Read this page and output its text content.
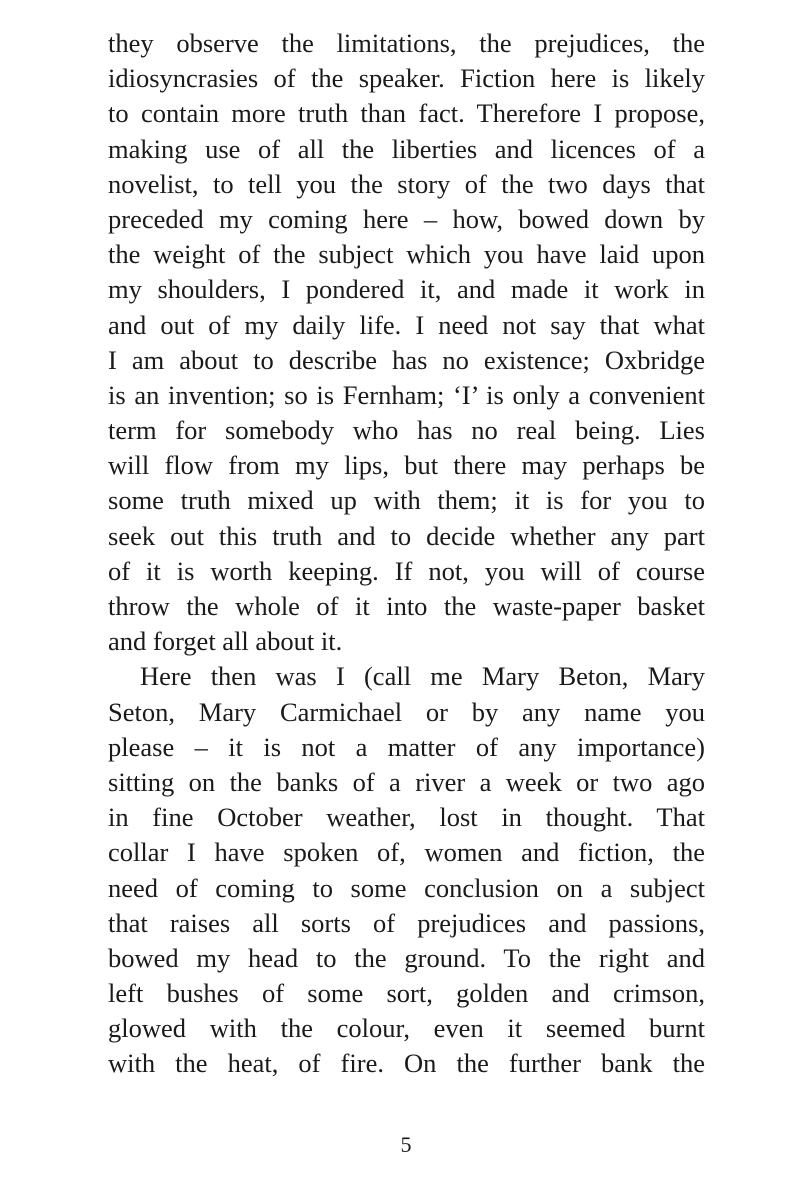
they observe the limitations, the prejudices, the
idiosyncrasies of the speaker. Fiction here is likely
to contain more truth than fact. Therefore I propose,
making use of all the liberties and licences of a
novelist, to tell you the story of the two days that
preceded my coming here – how, bowed down by
the weight of the subject which you have laid upon
my shoulders, I pondered it, and made it work in
and out of my daily life. I need not say that what
I am about to describe has no existence; Oxbridge
is an invention; so is Fernham; ‘I’ is only a convenient
term for somebody who has no real being. Lies
will flow from my lips, but there may perhaps be
some truth mixed up with them; it is for you to
seek out this truth and to decide whether any part
of it is worth keeping. If not, you will of course
throw the whole of it into the waste-paper basket
and forget all about it.
Here then was I (call me Mary Beton, Mary
Seton, Mary Carmichael or by any name you
please – it is not a matter of any importance)
sitting on the banks of a river a week or two ago
in fine October weather, lost in thought. That
collar I have spoken of, women and fiction, the
need of coming to some conclusion on a subject
that raises all sorts of prejudices and passions,
bowed my head to the ground. To the right and
left bushes of some sort, golden and crimson,
glowed with the colour, even it seemed burnt
with the heat, of fire. On the further bank the
5
